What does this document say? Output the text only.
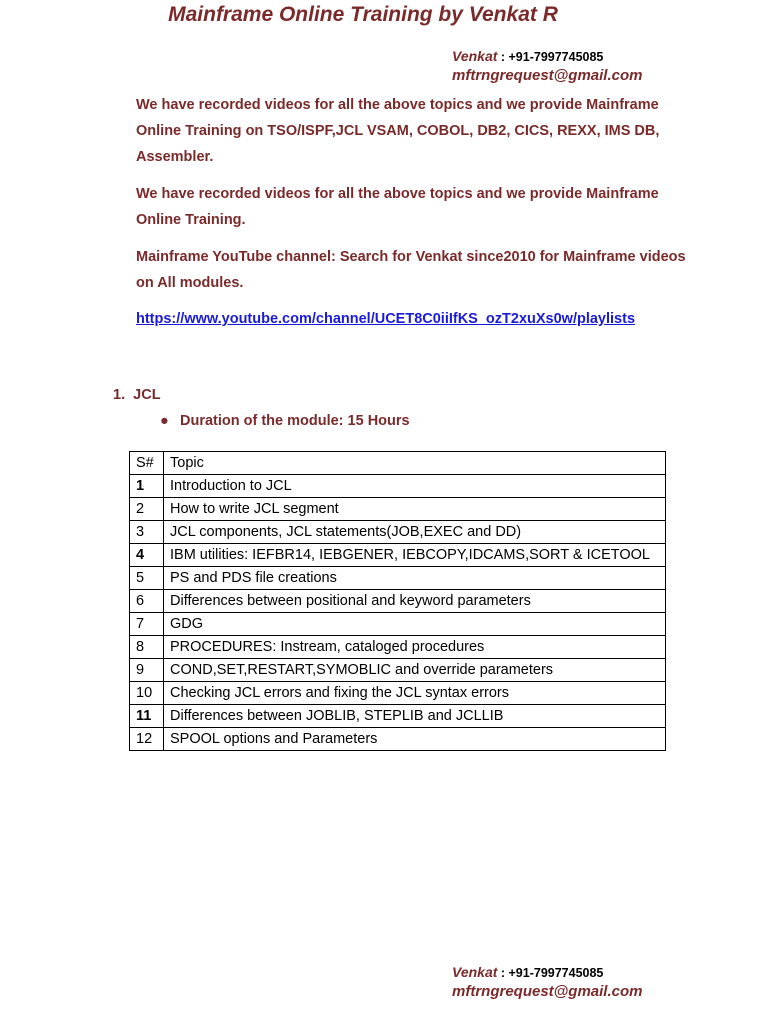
Mainframe Online Training by Venkat R
Venkat : +91-7997745085
mftrngrequest@gmail.com
We have recorded videos for all the above topics and we provide Mainframe Online Training on TSO/ISPF,JCL VSAM, COBOL, DB2, CICS, REXX, IMS DB, Assembler.
We have recorded videos for all the above topics and we provide Mainframe Online Training.
Mainframe YouTube channel: Search for Venkat since2010 for Mainframe videos on All modules.
https://www.youtube.com/channel/UCET8C0iiIfKS_ozT2xuXs0w/playlists
1. JCL
● Duration of the module: 15 Hours
S#	Topic
1	Introduction to JCL
2	How to write JCL segment
3	JCL components, JCL statements(JOB,EXEC and DD)
4	IBM utilities: IEFBR14, IEBGENER, IEBCOPY,IDCAMS,SORT & ICETOOL
5	PS and PDS file creations
6	Differences between positional and keyword parameters
7	GDG
8	PROCEDURES: Instream, cataloged procedures
9	COND,SET,RESTART,SYMOBLIC and override parameters
10	Checking JCL errors and fixing the JCL syntax errors
11	Differences between JOBLIB, STEPLIB and JCLLIB
12	SPOOL options and Parameters
Venkat : +91-7997745085
mftrngrequest@gmail.com
